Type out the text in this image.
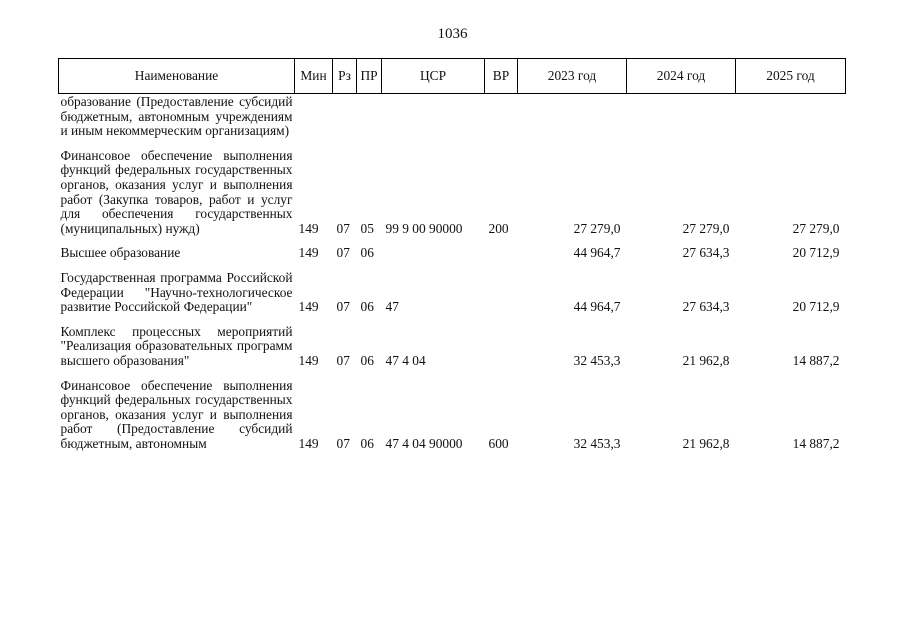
1036
Наименование	Мин	Рз	ПР	ЦСР	ВР	2023 год	2024 год	2025 год
образование (Предоставление субсидий бюджетным, автономным учреждениям и иным некоммерческим организациям)								
Финансовое обеспечение выполнения функций федеральных государственных органов, оказания услуг и выполнения работ (Закупка товаров, работ и услуг для обеспечения государственных (муниципальных) нужд)	149	07	05	99 9 00 90000	200	27 279,0	27 279,0	27 279,0
Высшее образование	149	07	06			44 964,7	27 634,3	20 712,9
Государственная программа Российской Федерации "Научно-технологическое развитие Российской Федерации"	149	07	06	47		44 964,7	27 634,3	20 712,9
Комплекс процессных мероприятий "Реализация образовательных программ высшего образования"	149	07	06	47 4 04		32 453,3	21 962,8	14 887,2
Финансовое обеспечение выполнения функций федеральных государственных органов, оказания услуг и выполнения работ (Предоставление субсидий бюджетным, автономным	149	07	06	47 4 04 90000	600	32 453,3	21 962,8	14 887,2
